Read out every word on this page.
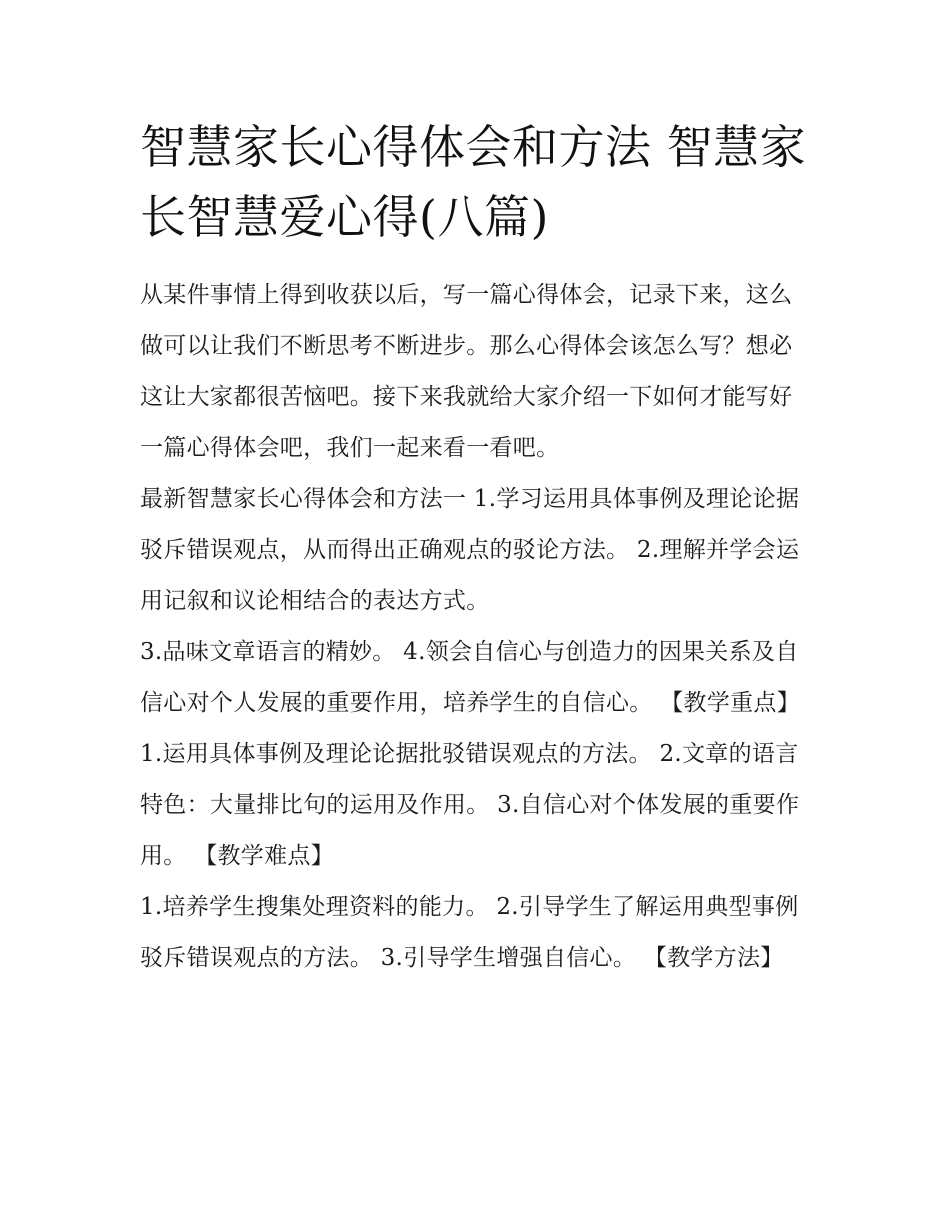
智慧家长心得体会和方法 智慧家长智慧爱心得(八篇)

从某件事情上得到收获以后，写一篇心得体会，记录下来，这么做可以让我们不断思考不断进步。那么心得体会该怎么写？想必这让大家都很苦恼吧。接下来我就给大家介绍一下如何才能写好一篇心得体会吧，我们一起来看一看吧。

最新智慧家长心得体会和方法一 1.学习运用具体事例及理论论据驳斥错误观点，从而得出正确观点的驳论方法。 2.理解并学会运用记叙和议论相结合的表达方式。

3.品味文章语言的精妙。 4.领会自信心与创造力的因果关系及自信心对个人发展的重要作用，培养学生的自信心。 【教学重点】

1.运用具体事例及理论论据批驳错误观点的方法。 2.文章的语言特色：大量排比句的运用及作用。 3.自信心对个体发展的重要作用。 【教学难点】

1.培养学生搜集处理资料的能力。 2.引导学生了解运用典型事例驳斥错误观点的方法。 3.引导学生增强自信心。 【教学方法】
